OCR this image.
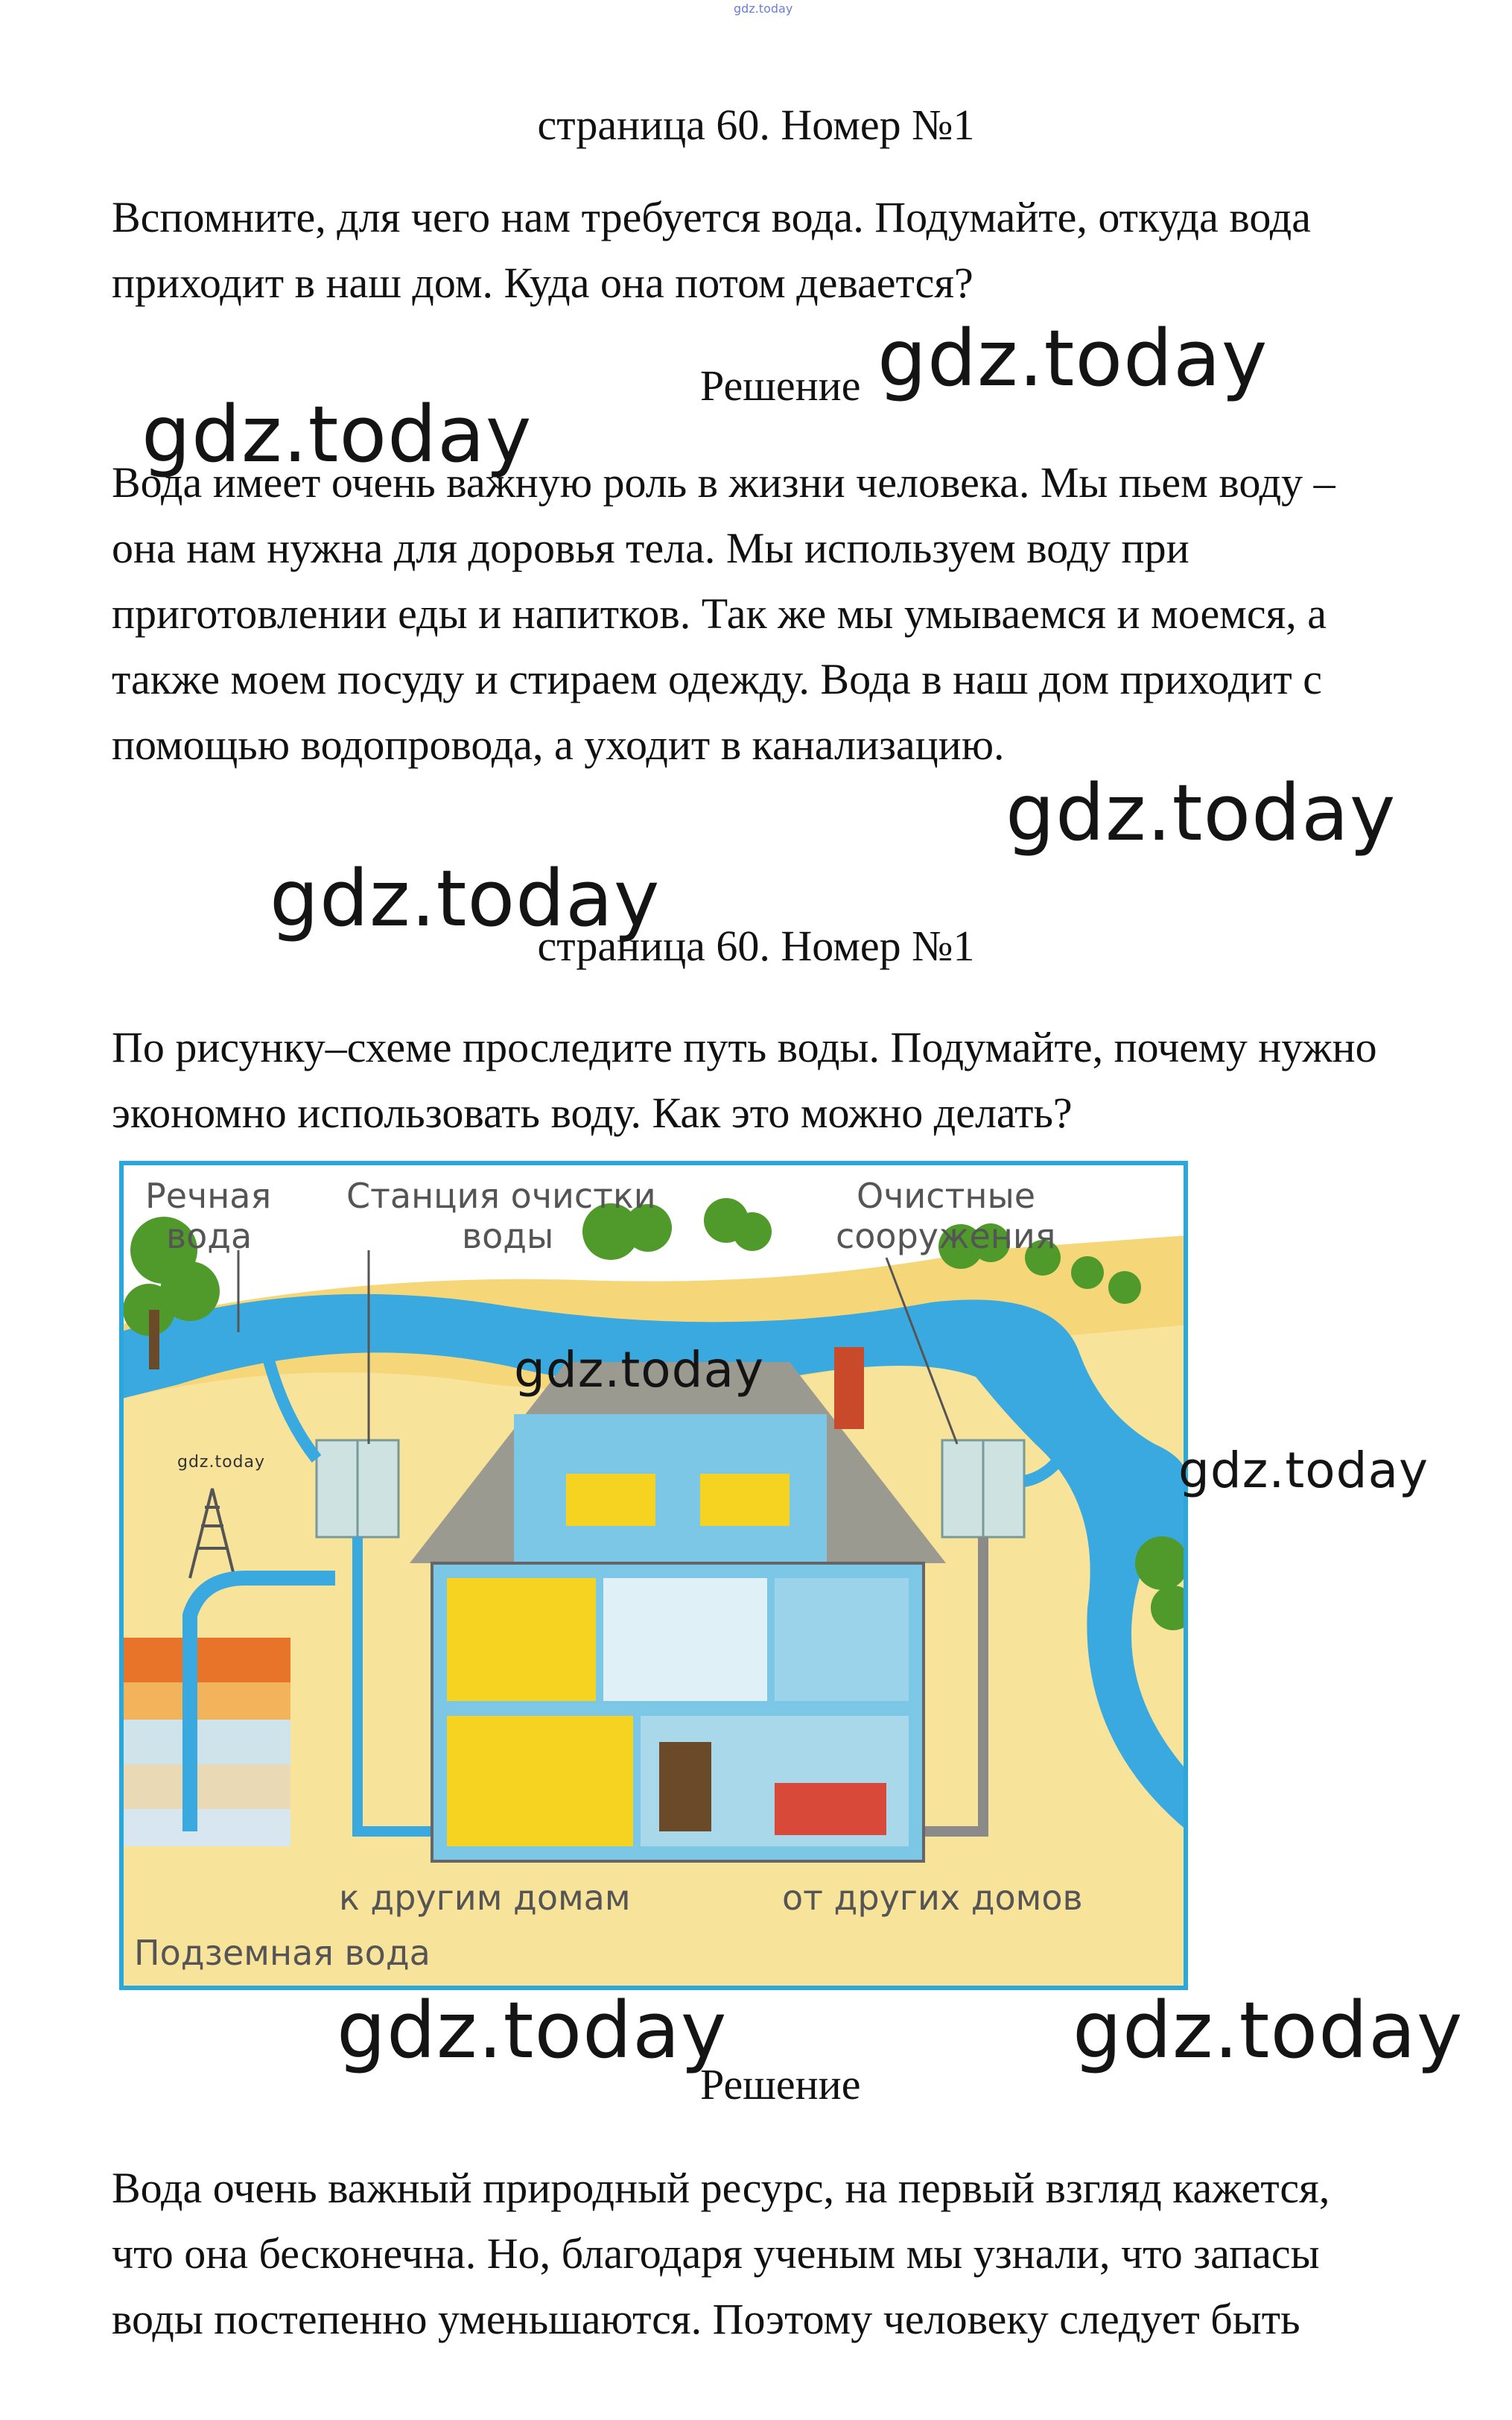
gdz.today
страница 60. Номер №1
Вспомните, для чего нам требуется вода. Подумайте, откуда вода
приходит в наш дом. Куда она потом девается?
Решение
Вода имеет очень важную роль в жизни человека. Мы пьем воду –
она нам нужна для доровья тела. Мы используем воду при
приготовлении еды и напитков. Так же мы умываемся и моемся, а
также моем посуду и стираем одежду. Вода в наш дом приходит с
помощью водопровода, а уходит в канализацию.
страница 60. Номер №1
По рисунку–схеме проследите путь воды. Подумайте, почему нужно
экономно использовать воду. Как это можно делать?
Речная
вода
Станция очистки
воды
Очистные
сооружения
к другим домам	от других домов
Подземная вода
Решение
Вода очень важный природный ресурс, на первый взгляд кажется,
что она бесконечна. Но, благодаря ученым мы узнали, что запасы
воды постепенно уменьшаются. Поэтому человеку следует быть
gdz.today
gdz.today
gdz.today
gdz.today
gdz.today
gdz.today	gdz.today
gdz.today	gdz.today
